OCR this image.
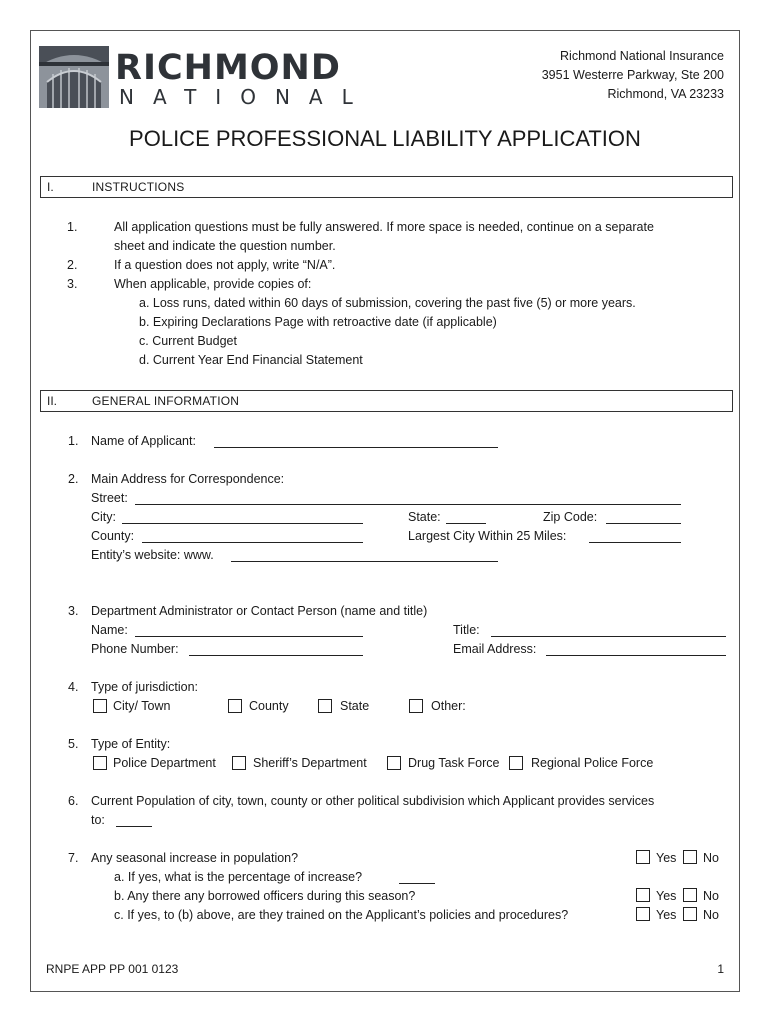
RICHMOND
NATIONAL
Richmond National Insurance
3951 Westerre Parkway, Ste 200
Richmond, VA 23233
POLICE PROFESSIONAL LIABILITY APPLICATION
I.	INSTRUCTIONS
1.	All application questions must be fully answered. If more space is needed, continue on a separate
sheet and indicate the question number.
2.	If a question does not apply, write “N/A”.
3.	When applicable, provide copies of:
a. Loss runs, dated within 60 days of submission, covering the past five (5) or more years.
b. Expiring Declarations Page with retroactive date (if applicable)
c. Current Budget
d. Current Year End Financial Statement
II.	GENERAL INFORMATION
1. Name of Applicant:
2. Main Address for Correspondence:
Street:
City:	State:	Zip Code:
County:	Largest City Within 25 Miles:
Entity’s website: www.
3. Department Administrator or Contact Person (name and title)
Name:	Title:
Phone Number:	Email Address:
4. Type of jurisdiction:
City/ Town	County	State	Other:
5. Type of Entity:
Police Department	Sheriff’s Department	Drug Task Force	Regional Police Force
6. Current Population of city, town, county or other political subdivision which Applicant provides services
to:
7. Any seasonal increase in population?	Yes No
a. If yes, what is the percentage of increase?
b. Any there any borrowed officers during this season?	Yes No
c. If yes, to (b) above, are they trained on the Applicant’s policies and procedures?	Yes No
RNPE APP PP 001 0123	1
